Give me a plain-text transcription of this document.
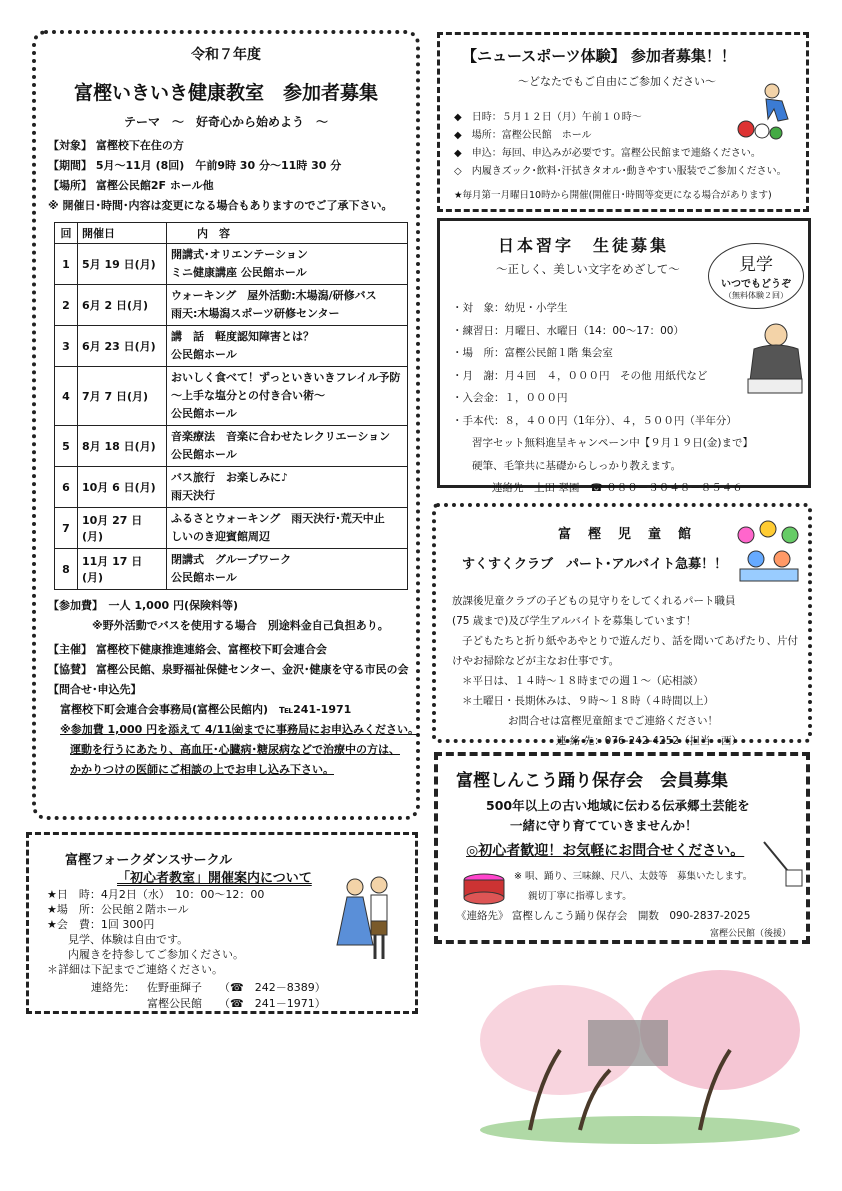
令和７年度
富樫いきいき健康教室　参加者募集
テーマ　～　好奇心から始めよう　～

【対象】 富樫校下在住の方

【期間】 5月～11月 (8回)　午前9時 30 分～11時 30 分

【場所】 富樫公民館2F ホール他

※ 開催日･時間･内容は変更になる場合もありますのでご了承下さい。

回	開催日	内　容
1	5月 19 日(月)	開講式･オリエンテーション
ミニ健康講座 公民館ホール

2	6月 2 日(月)	ウォーキング　屋外活動:木場潟/研修バス
雨天:木場潟スポーツ研修センター

3	6月 23 日(月)	講　話　軽度認知障害とは？
公民館ホール

4	7月 7 日(月)	おいしく食べて！ずっといきいきフレイル予防
～上手な塩分との付き合い術～
公民館ホール

5	8月 18 日(月)	音楽療法　音楽に合わせたレクリエーション
公民館ホール

6	10月 6 日(月)	バス旅行　お楽しみに♪
雨天決行

7	10月 27 日(月)	ふるさとウォーキング　雨天決行･荒天中止
しいのき迎賓館周辺

8	11月 17 日(月)	閉講式　グループワーク
公民館ホール

【参加費】　一人 1,000 円(保険料等)

※野外活動でバスを使用する場合　別途料金自己負担あり。

【主催】 富樫校下健康推進連絡会、富樫校下町会連合会

【協賛】 富樫公民館、泉野福祉保健センター、金沢･健康を守る市民の会

【問合せ･申込先】

富樫校下町会連合会事務局(富樫公民館内)　℡241-1971

※参加費 1,000 円を添えて 4/11㈮までに事務局にお申込みください。

運動を行うにあたり、高血圧･心臓病･糖尿病などで治療中の方は、

かかりつけの医師にご相談の上でお申し込み下さい。

【ニュースポーツ体験】 参加者募集！！
～どなたでもご自由にご参加ください～
◆　日時：５月１２日（月）午前１０時～
◆　場所：富樫公民館　ホール
◆　申込：毎回、申込みが必要です。富樫公民館まで連絡ください。
◇　内履きズック･飲料･汗拭きタオル･動きやすい服装でご参加ください。
★毎月第一月曜日10時から開催(開催日･時間等変更になる場合があります)
日本習字　生徒募集
～正しく、美しい文字をめざして～	見学
いつでもどうぞ
（無料体験２回）
・対　象：幼児・小学生
・練習日：月曜日、水曜日（14：00～17：00）
・場　所：富樫公民館１階 集会室
・月　謝：月４回　４，０００円　その他 用紙代など
・入会金：１，０００円
・手本代：８，４００円（1年分）、４，５００円（半年分）
習字セット無料進呈キャンペーン中【９月１９日(金)まで】
硬筆、毛筆共に基礎からしっかり教えます。
連絡先　上田 翠園　☎ ０８０－３０４８－８５４６
富　樫　児　童　館
すくすくクラブ　パート･アルバイト急募！！
放課後児童クラブの子どもの見守りをしてくれるパート職員
(75 歳まで)及び学生アルバイトを募集しています！
子どもたちと折り紙やあやとりで遊んだり、話を聞いてあげたり、片付
けやお掃除などが主なお仕事です。
＊平日は、１４時～１８時までの週１～（応相談）
＊土曜日・長期休みは、９時～１８時（４時間以上）
お問合せは富樫児童館までご連絡ください！
連 絡 先：076-242-4252（担当　西）
富樫しんこう踊り保存会　会員募集
500年以上の古い地域に伝わる伝承郷土芸能を
一緒に守り育てていきませんか！
◎初心者歓迎！お気軽にお問合せください。
※ 唄、踊り、三味線、尺八、太鼓等　募集いたします。
親切丁寧に指導します。
《連絡先》 富樫しんこう踊り保存会　開数　090-2837-2025
富樫公民館（後援）
富樫フォークダンスサークル
「初心者教室」開催案内について
★日　時：4月2日（水）　10：00～12：00
★場　所：公民館２階ホール
★会　費：1回 300円
　見学、体験は自由です。
　内履きを持参してご参加ください。
＊詳細は下記までご連絡ください。
連絡先： 佐野亜輝子 （☎　242－8389）
富樫公民館 （☎　241－1971）
